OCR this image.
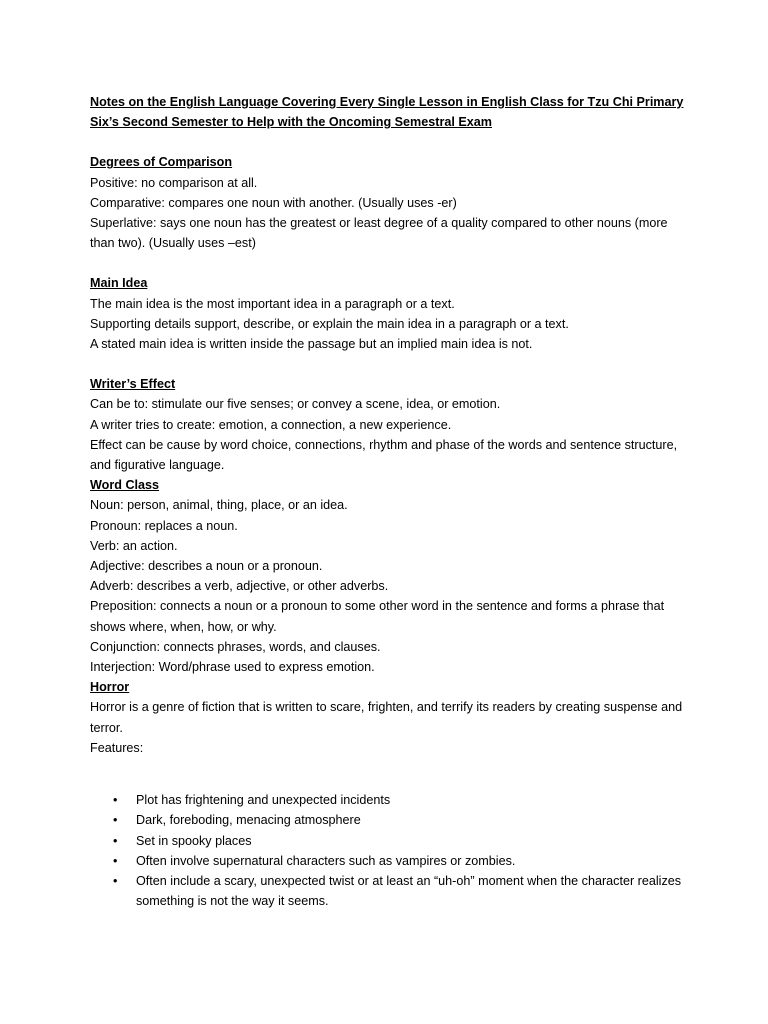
Notes on the English Language Covering Every Single Lesson in English Class for Tzu Chi Primary Six’s Second Semester to Help with the Oncoming Semestral Exam

Degrees of Comparison

Positive: no comparison at all.

Comparative: compares one noun with another. (Usually uses -er)

Superlative: says one noun has the greatest or least degree of a quality compared to other nouns (more than two). (Usually uses –est)

Main Idea

The main idea is the most important idea in a paragraph or a text.

Supporting details support, describe, or explain the main idea in a paragraph or a text.

A stated main idea is written inside the passage but an implied main idea is not.

Writer’s Effect

Can be to: stimulate our five senses; or convey a scene, idea, or emotion.

A writer tries to create: emotion, a connection, a new experience.

Effect can be cause by word choice, connections, rhythm and phase of the words and sentence structure, and figurative language.

Word Class

Noun: person, animal, thing, place, or an idea.

Pronoun: replaces a noun.

Verb: an action.

Adjective: describes a noun or a pronoun.

Adverb: describes a verb, adjective, or other adverbs.

Preposition: connects a noun or a pronoun to some other word in the sentence and forms a phrase that shows where, when, how, or why.

Conjunction: connects phrases, words, and clauses.

Interjection: Word/phrase used to express emotion.

Horror

Horror is a genre of fiction that is written to scare, frighten, and terrify its readers by creating suspense and terror.

Features:

• Plot has frightening and unexpected incidents
• Dark, foreboding, menacing atmosphere
• Set in spooky places
• Often involve supernatural characters such as vampires or zombies.
• Often include a scary, unexpected twist or at least an “uh-oh” moment when the character realizes something is not the way it seems.
